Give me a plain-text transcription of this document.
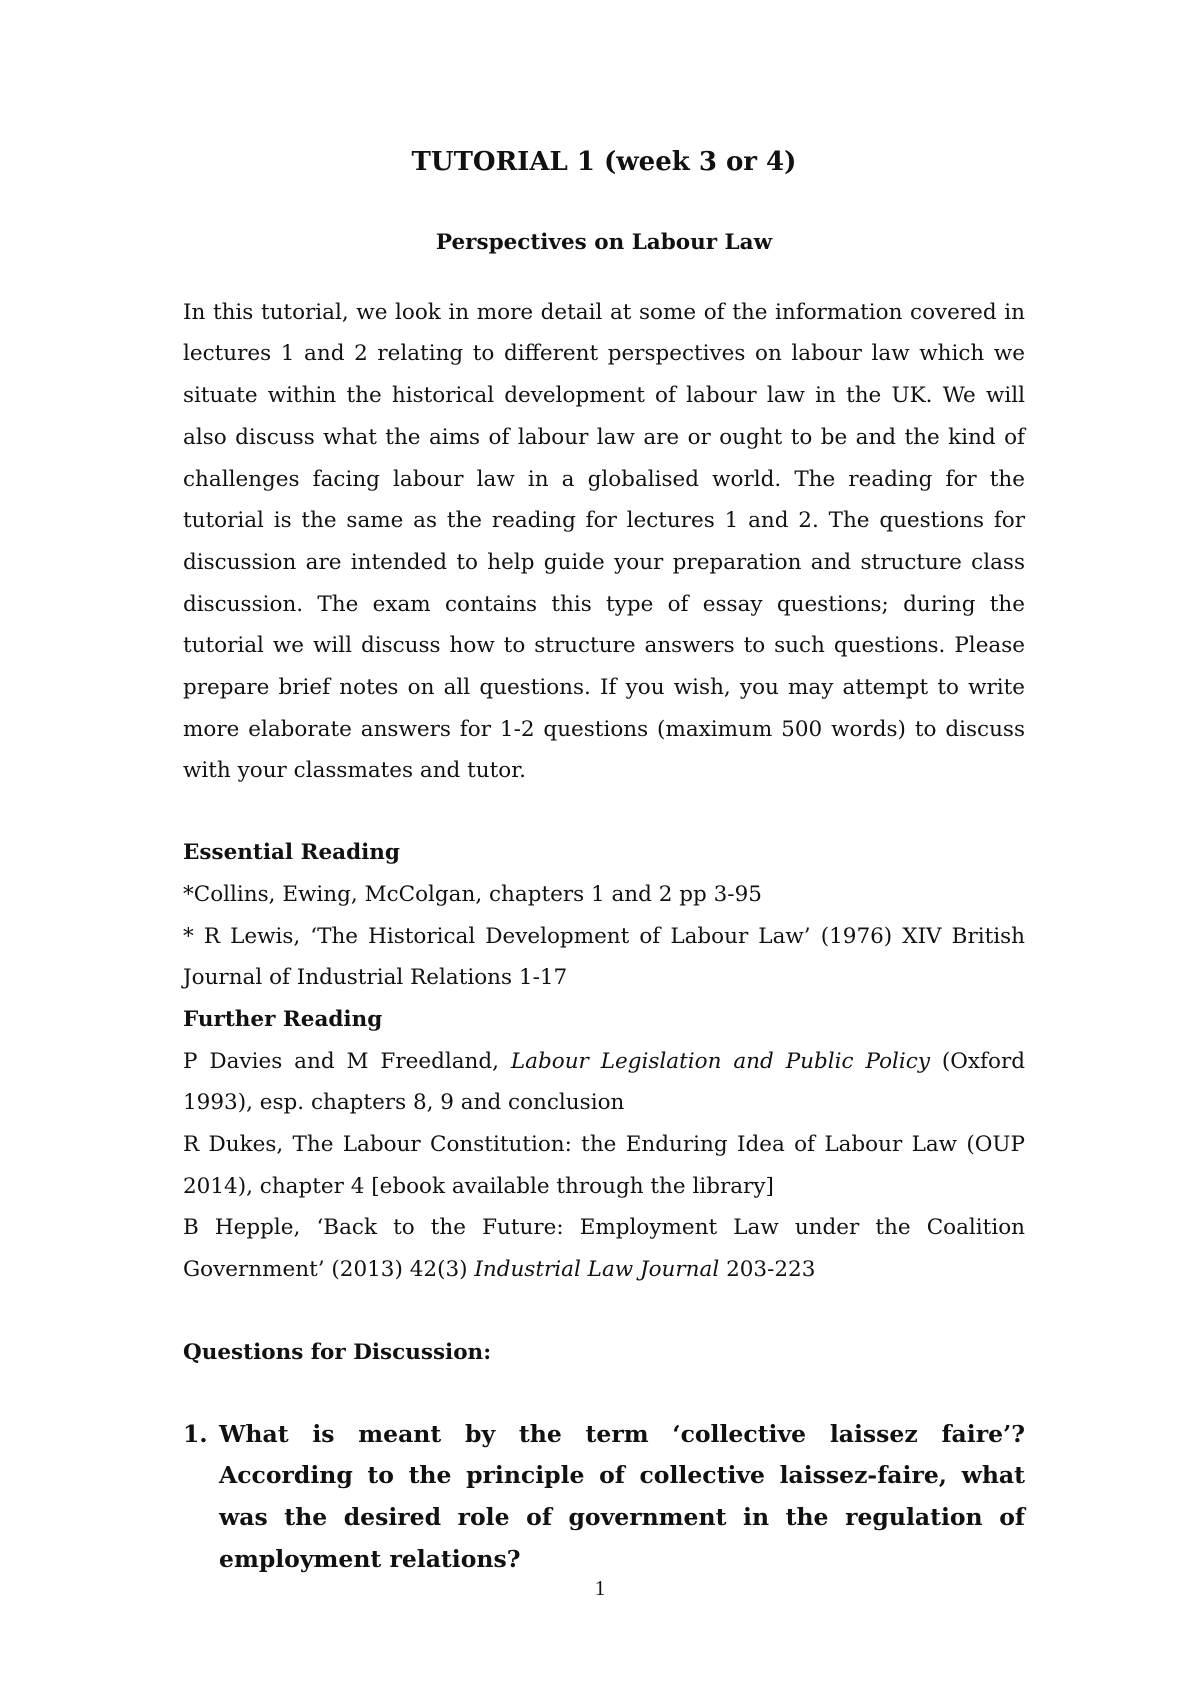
TUTORIAL 1 (week 3 or 4)
Perspectives on Labour Law

In this tutorial, we look in more detail at some of the information covered in lectures 1 and 2 relating to different perspectives on labour law which we situate within the historical development of labour law in the UK. We will also discuss what the aims of labour law are or ought to be and the kind of challenges facing labour law in a globalised world. The reading for the tutorial is the same as the reading for lectures 1 and 2. The questions for discussion are intended to help guide your preparation and structure class discussion. The exam contains this type of essay questions; during the tutorial we will discuss how to structure answers to such questions. Please prepare brief notes on all questions. If you wish, you may attempt to write more elaborate answers for 1-2 questions (maximum 500 words) to discuss with your classmates and tutor.

Essential Reading
*Collins, Ewing, McColgan, chapters 1 and 2 pp 3-95
* R Lewis, ‘The Historical Development of Labour Law’ (1976) XIV British Journal of Industrial Relations 1-17
Further Reading
P Davies and M Freedland, Labour Legislation and Public Policy (Oxford 1993), esp. chapters 8, 9 and conclusion
R Dukes, The Labour Constitution: the Enduring Idea of Labour Law (OUP 2014), chapter 4 [ebook available through the library]
B Hepple, ‘Back to the Future: Employment Law under the Coalition Government’ (2013) 42(3) Industrial Law Journal 203-223
Questions for Discussion:
1. What is meant by the term ‘collective laissez faire’? According to the principle of collective laissez-faire, what was the desired role of government in the regulation of employment relations?
1
